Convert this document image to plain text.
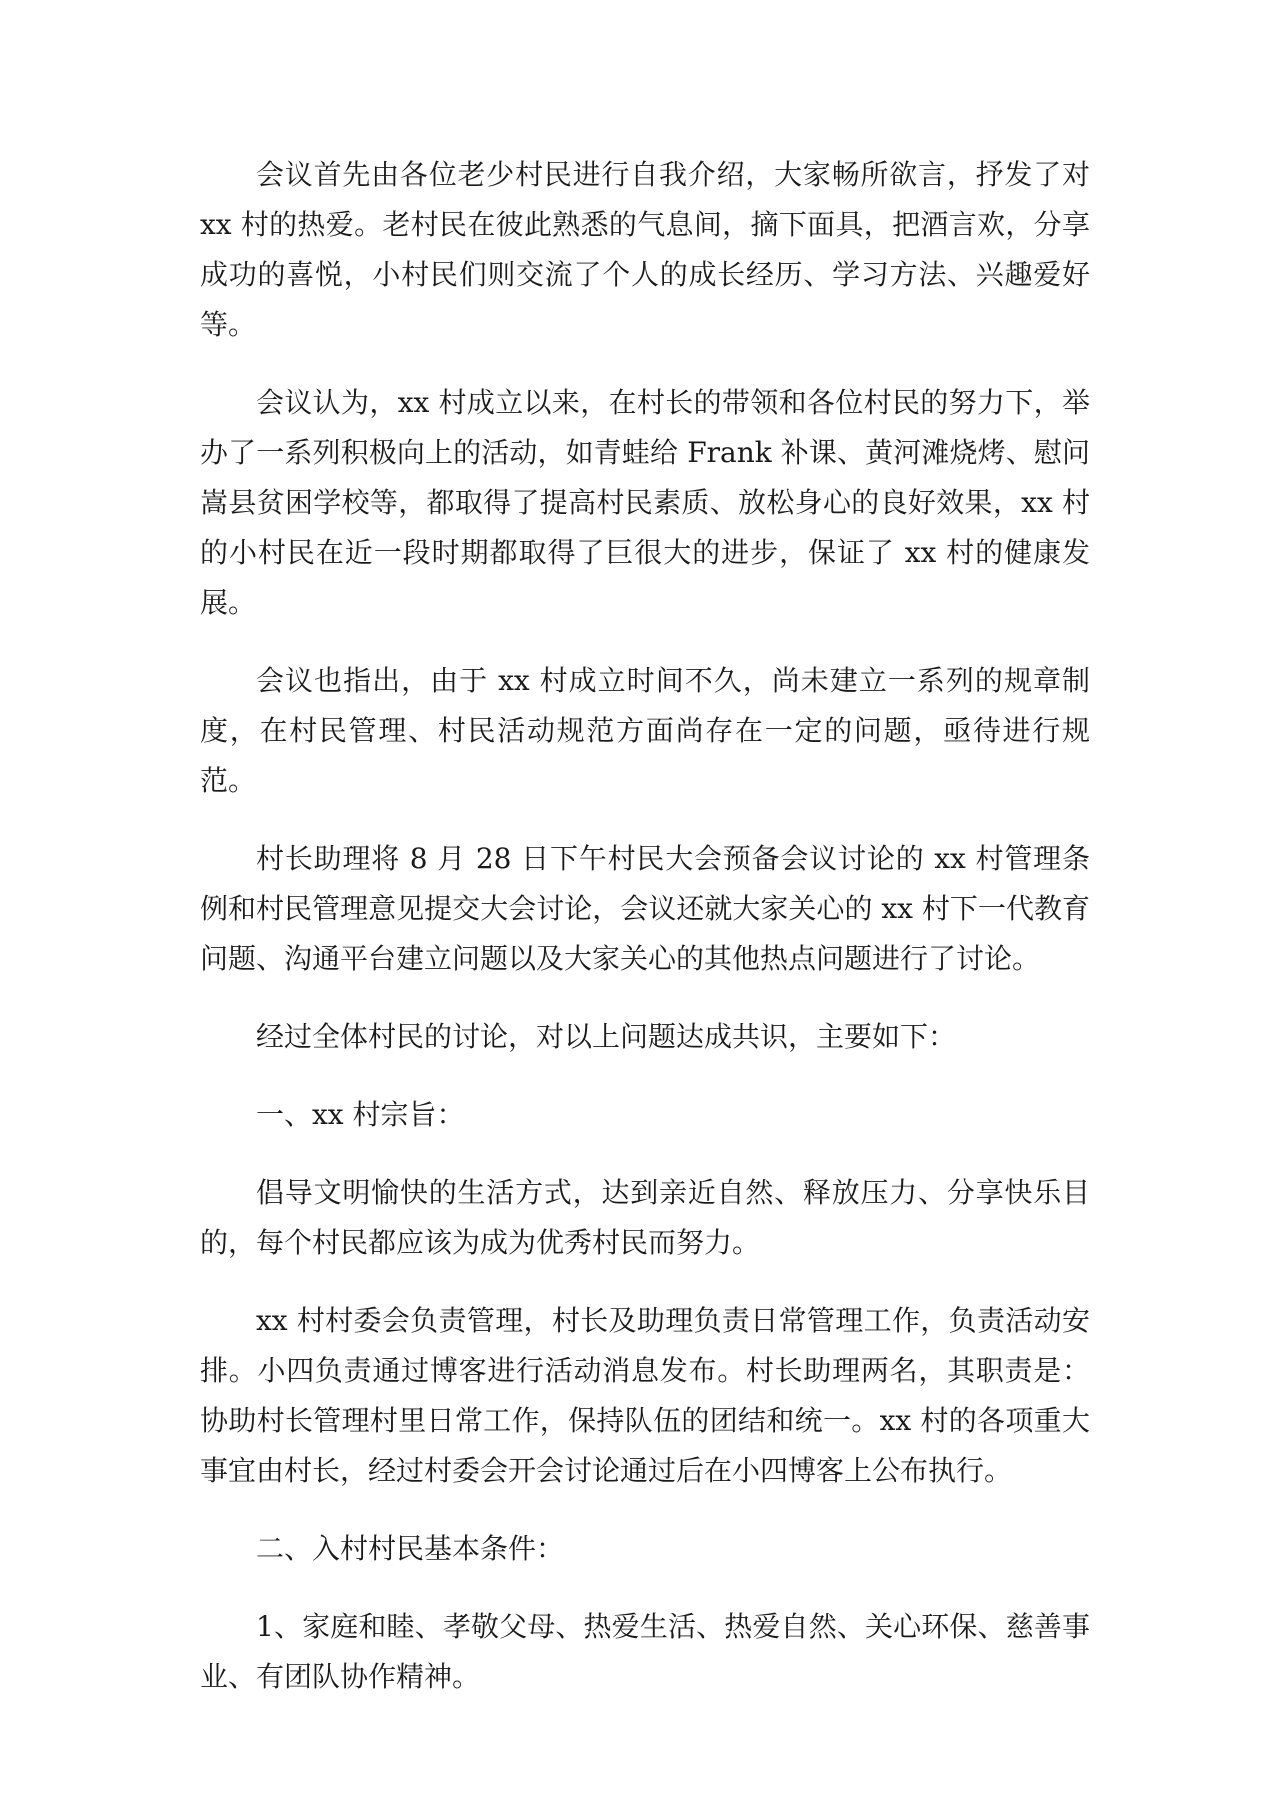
会议首先由各位老少村民进行自我介绍，大家畅所欲言，抒发了对 xx 村的热爱。老村民在彼此熟悉的气息间，摘下面具，把酒言欢，分享成功的喜悦，小村民们则交流了个人的成长经历、学习方法、兴趣爱好等。

会议认为，xx 村成立以来，在村长的带领和各位村民的努力下，举办了一系列积极向上的活动，如青蛙给 Frank 补课、黄河滩烧烤、慰问嵩县贫困学校等，都取得了提高村民素质、放松身心的良好效果，xx 村的小村民在近一段时期都取得了巨很大的进步，保证了 xx 村的健康发展。

会议也指出，由于 xx 村成立时间不久，尚未建立一系列的规章制度，在村民管理、村民活动规范方面尚存在一定的问题，亟待进行规范。

村长助理将 8 月 28 日下午村民大会预备会议讨论的 xx 村管理条例和村民管理意见提交大会讨论，会议还就大家关心的 xx 村下一代教育问题、沟通平台建立问题以及大家关心的其他热点问题进行了讨论。

经过全体村民的讨论，对以上问题达成共识，主要如下：

一、xx 村宗旨：

倡导文明愉快的生活方式，达到亲近自然、释放压力、分享快乐目的，每个村民都应该为成为优秀村民而努力。

xx 村村委会负责管理，村长及助理负责日常管理工作，负责活动安排。小四负责通过博客进行活动消息发布。村长助理两名，其职责是：协助村长管理村里日常工作，保持队伍的团结和统一。xx 村的各项重大事宜由村长，经过村委会开会讨论通过后在小四博客上公布执行。

二、入村村民基本条件：

1、家庭和睦、孝敬父母、热爱生活、热爱自然、关心环保、慈善事业、有团队协作精神。
